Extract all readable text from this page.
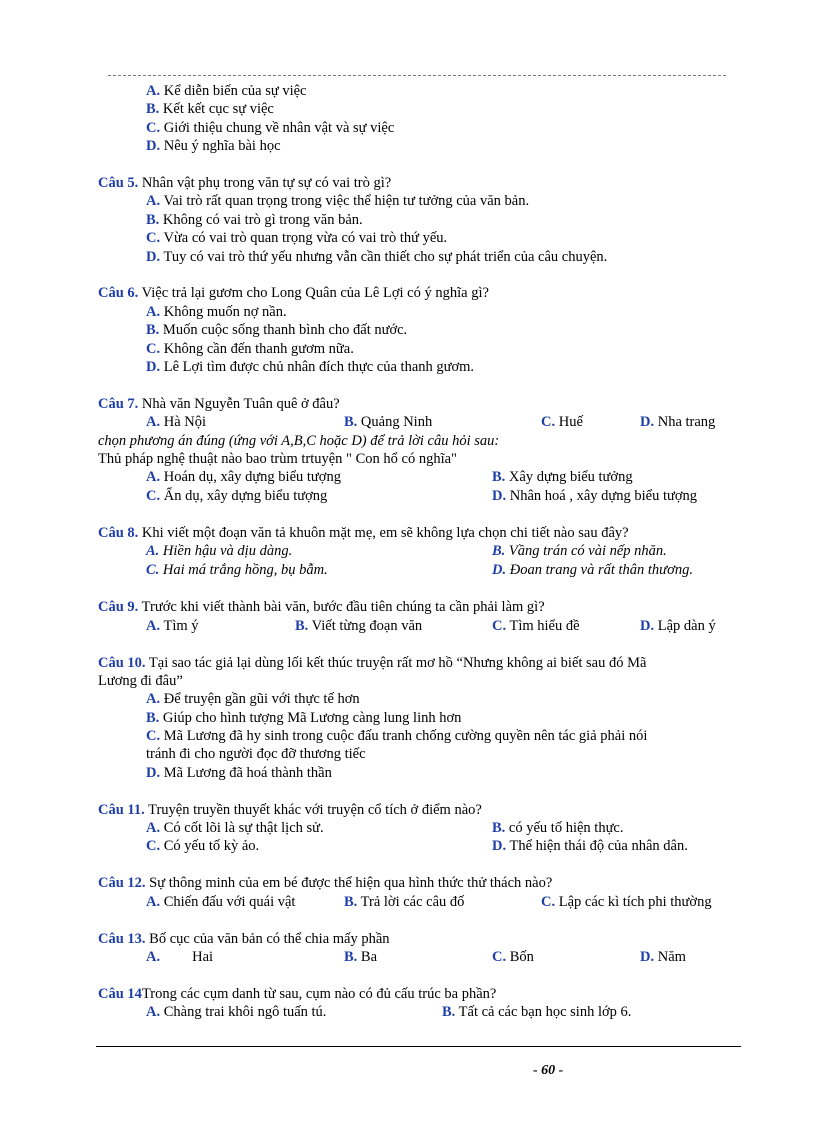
A. Kể diễn biến của sự việc
B. Kết kết cục sự việc
C. Giới thiệu chung về nhân vật và sự việc
D. Nêu ý nghĩa bài học
Câu 5. Nhân vật phụ trong văn tự sự có vai trò gì?
A. Vai trò rất quan trọng trong việc thể hiện tư tưởng của văn bản.
B. Không có vai trò gì trong văn bản.
C. Vừa có vai trò quan trọng vừa có vai trò thứ yếu.
D. Tuy có vai trò thứ yếu nhưng vẫn cần thiết cho sự phát triển của câu chuyện.
Câu 6. Việc trả lại gươm cho Long Quân của Lê Lợi có ý nghĩa gì?
A. Không muốn nợ nần.
B. Muốn cuộc sống thanh bình cho đất nước.
C. Không cần đến thanh gươm nữa.
D. Lê Lợi tìm được chủ nhân đích thực của thanh gươm.
Câu 7. Nhà văn Nguyễn Tuân quê ở đâu?
A. Hà Nội	B. Quảng Ninh	C. Huế	D. Nha trang
chọn phương án đúng (ứng với A,B,C hoặc D) để trả lời câu hỏi sau:
Thủ pháp nghệ thuật nào bao trùm trtuyện " Con hổ có nghĩa"
A. Hoán dụ, xây dựng biểu tượng	B. Xây dựng biểu tưởng
C. Ẩn dụ, xây dựng biểu tượng	D. Nhân hoá , xây dựng biểu tượng
Câu 8. Khi viết một đoạn văn tả khuôn mặt mẹ, em sẽ không lựa chọn chi tiết nào sau đây?
A. Hiền hậu và dịu dàng.	B. Vầng trán có vài nếp nhăn.
C. Hai má trắng hồng, bụ bẫm.	D. Đoan trang và rất thân thương.
Câu 9. Trước khi viết thành bài văn, bước đầu tiên chúng ta cần phải làm gì?
A. Tìm ý	B. Viết từng đoạn văn	C. Tìm hiểu đề	D. Lập dàn ý
Câu 10. Tại sao tác giả lại dùng lối kết thúc truyện rất mơ hồ “Nhưng không ai biết sau đó Mã
Lương đi đâu”
A. Để truyện gần gũi với thực tế hơn
B. Giúp cho hình tượng Mã Lương càng lung linh hơn
C. Mã Lương đã hy sinh trong cuộc đấu tranh chống cường quyền nên tác giả phải nói
tránh đi cho người đọc đỡ thương tiếc
D. Mã Lương đã hoá thành thần
Câu 11. Truyện truyền thuyết khác với truyện cổ tích ở điểm nào?
A. Có cốt lõi là sự thật lịch sử.	B. có yếu tố hiện thực.
C. Có yếu tố kỳ ảo.	D. Thể hiện thái độ của nhân dân.
Câu 12. Sự thông minh của em bé được thể hiện qua hình thức thử thách nào?
A. Chiến đấu với quái vật	B. Trả lời các câu đố	C. Lập các kì tích phi thường
Câu 13. Bố cục của văn bản có thể chia mấy phần
A. Hai	B. Ba	C. Bốn	D. Năm
Câu 14Trong các cụm danh từ sau, cụm nào có đủ cấu trúc ba phần?
A. Chàng trai khôi ngô tuấn tú.	B. Tất cả các bạn học sinh lớp 6.
- 60 -
